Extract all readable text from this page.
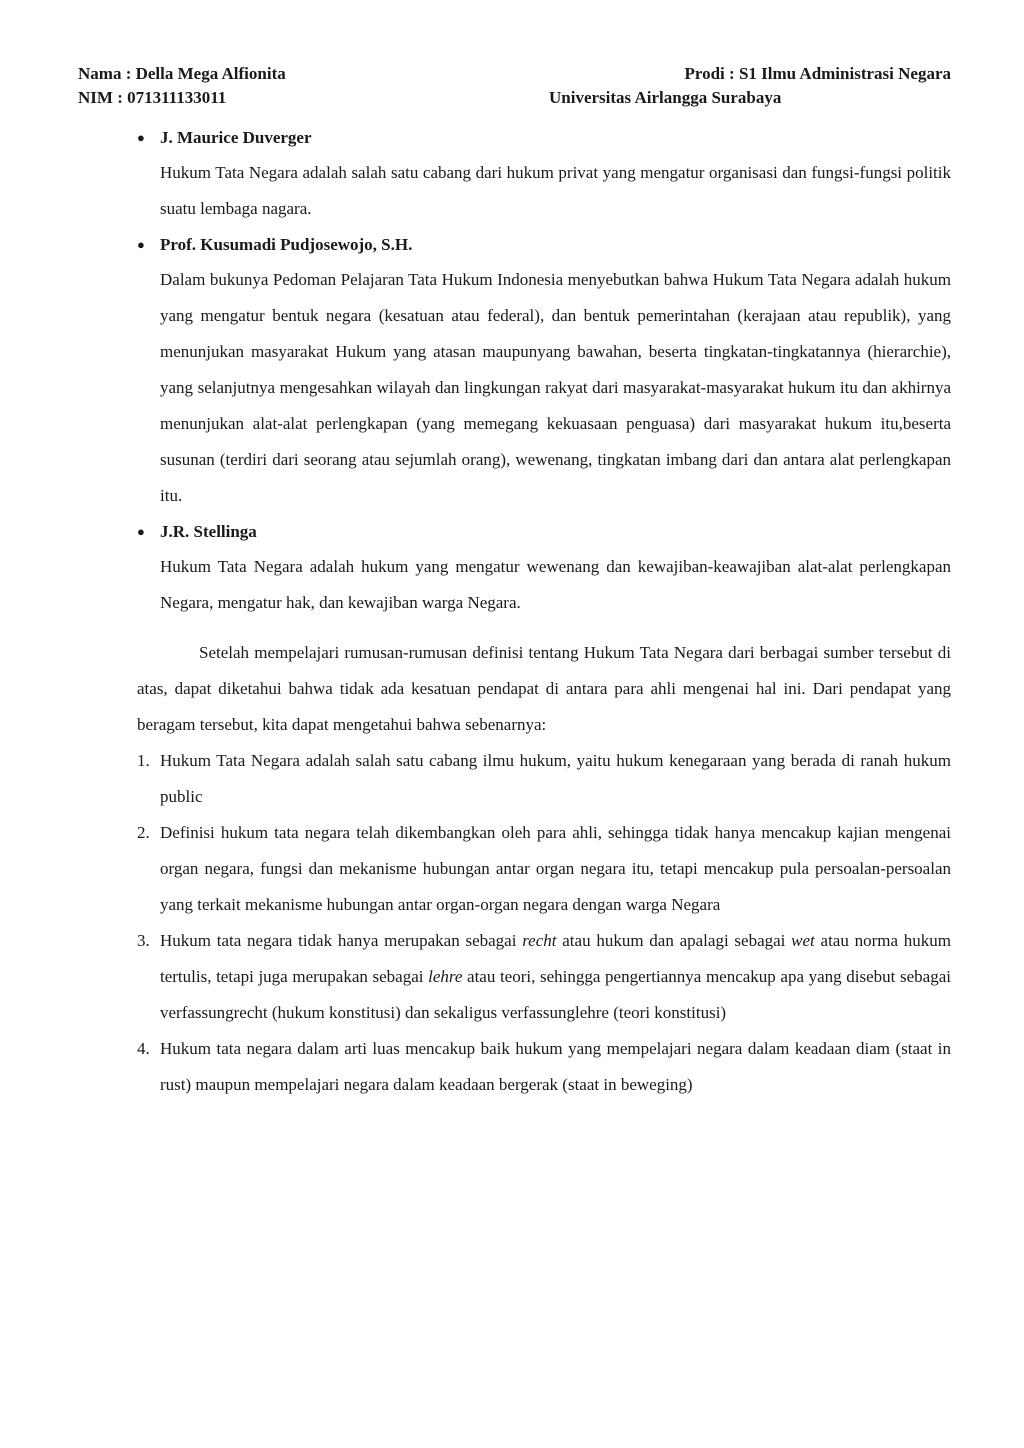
Nama : Della Mega Alfionita
NIM : 071311133011
Prodi : S1 Ilmu Administrasi Negara
Universitas Airlangga Surabaya
● J. Maurice Duverger
Hukum Tata Negara adalah salah satu cabang dari hukum privat yang mengatur organisasi dan fungsi-fungsi politik suatu lembaga nagara.
● Prof. Kusumadi Pudjosewojo, S.H.
Dalam bukunya Pedoman Pelajaran Tata Hukum Indonesia menyebutkan bahwa Hukum Tata Negara adalah hukum yang mengatur bentuk negara (kesatuan atau federal), dan bentuk pemerintahan (kerajaan atau republik), yang menunjukan masyarakat Hukum yang atasan maupunyang bawahan, beserta tingkatan-tingkatannya (hierarchie), yang selanjutnya mengesahkan wilayah dan lingkungan rakyat dari masyarakat-masyarakat hukum itu dan akhirnya menunjukan alat-alat perlengkapan (yang memegang kekuasaan penguasa) dari masyarakat hukum itu,beserta susunan (terdiri dari seorang atau sejumlah orang), wewenang, tingkatan imbang dari dan antara alat perlengkapan itu.
● J.R. Stellinga
Hukum Tata Negara adalah hukum yang mengatur wewenang dan kewajiban-keawajiban alat-alat perlengkapan Negara, mengatur hak, dan kewajiban warga Negara.
Setelah mempelajari rumusan-rumusan definisi tentang Hukum Tata Negara dari berbagai sumber tersebut di atas, dapat diketahui bahwa tidak ada kesatuan pendapat di antara para ahli mengenai hal ini. Dari pendapat yang beragam tersebut, kita dapat mengetahui bahwa sebenarnya:
1. Hukum Tata Negara adalah salah satu cabang ilmu hukum, yaitu hukum kenegaraan yang berada di ranah hukum public
2. Definisi hukum tata negara telah dikembangkan oleh para ahli, sehingga tidak hanya mencakup kajian mengenai organ negara, fungsi dan mekanisme hubungan antar organ negara itu, tetapi mencakup pula persoalan-persoalan yang terkait mekanisme hubungan antar organ-organ negara dengan warga Negara
3. Hukum tata negara tidak hanya merupakan sebagai recht atau hukum dan apalagi sebagai wet atau norma hukum tertulis, tetapi juga merupakan sebagai lehre atau teori, sehingga pengertiannya mencakup apa yang disebut sebagai verfassungrecht (hukum konstitusi) dan sekaligus verfassunglehre (teori konstitusi)
4. Hukum tata negara dalam arti luas mencakup baik hukum yang mempelajari negara dalam keadaan diam (staat in rust) maupun mempelajari negara dalam keadaan bergerak (staat in beweging)
